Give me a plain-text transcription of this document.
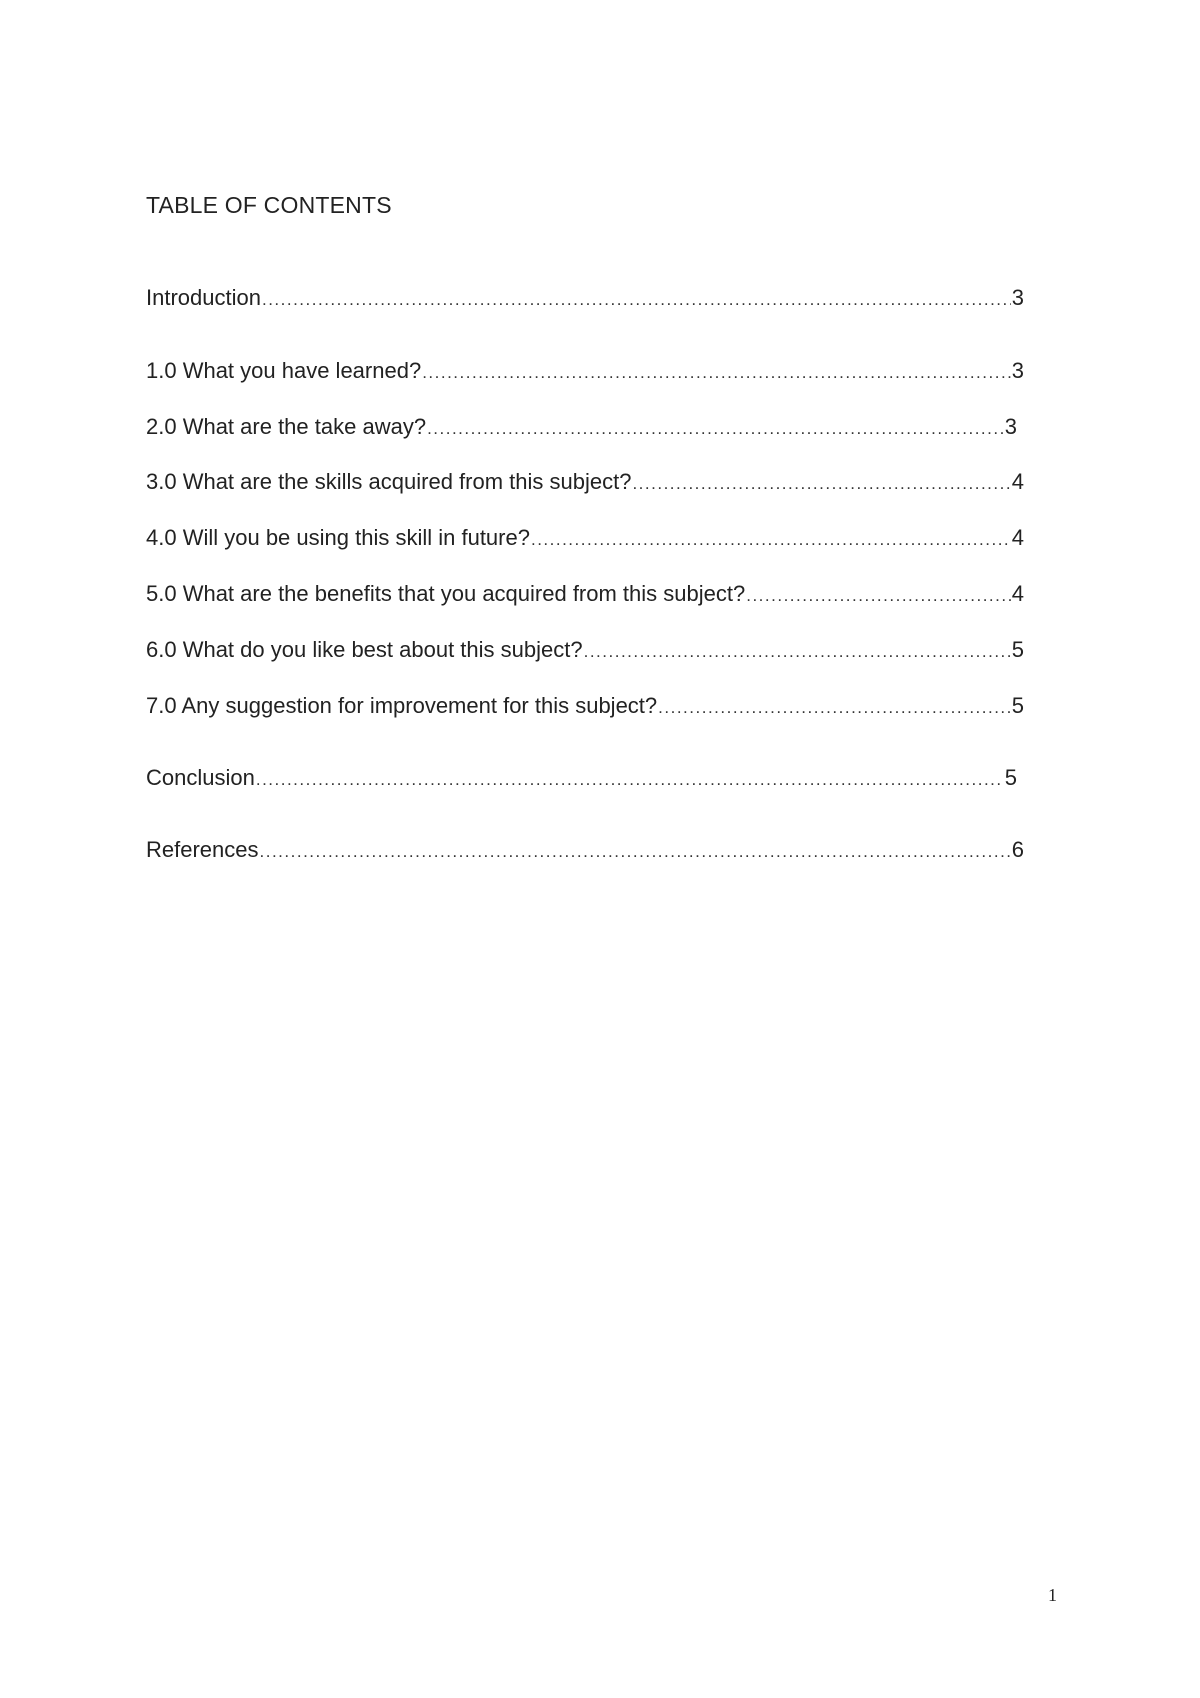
TABLE OF CONTENTS
Introduction .....	3
1.0 What you have learned? .....	3
2.0 What are the take away? .....	3
3.0 What are the skills acquired from this subject? .....	4
4.0 Will you be using this skill in future? .....	4
5.0 What are the benefits that you acquired from this subject? .....	4
6.0 What do you like best about this subject? .....	5
7.0 Any suggestion for improvement for this subject? .....	5
Conclusion .....	5
References .....	6
1
